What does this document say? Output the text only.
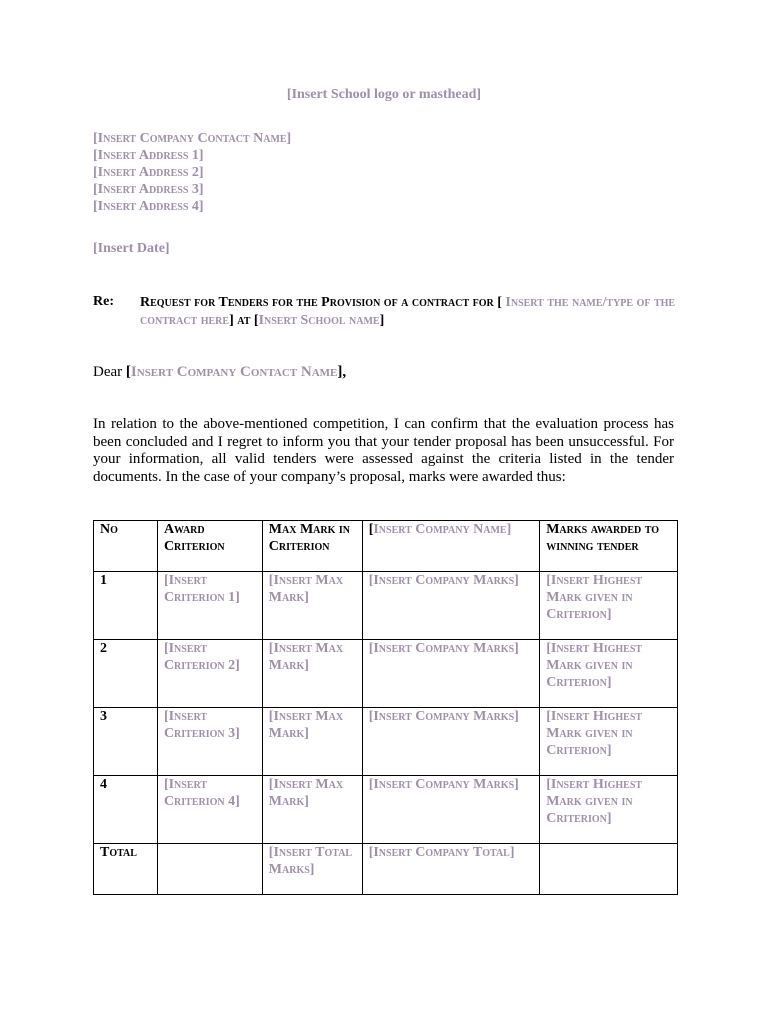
[Insert School logo or masthead]
[Insert Company Contact Name]
[Insert Address 1]
[Insert Address 2]
[Insert Address 3]
[Insert Address 4]
[Insert Date]
Re: Request for Tenders for the Provision of a contract for [ Insert the name/type of the contract here] at [Insert School name]
Dear [Insert Company Contact Name],
In relation to the above-mentioned competition, I can confirm that the evaluation process has been concluded and I regret to inform you that your tender proposal has been unsuccessful. For your information, all valid tenders were assessed against the criteria listed in the tender documents. In the case of your company’s proposal, marks were awarded thus:
No	Award Criterion	Max Mark in Criterion	[Insert Company Name]	Marks awarded to winning tender
1	[Insert Criterion 1]	[Insert Max Mark]	[Insert Company Marks]	[Insert Highest Mark given in Criterion]
2	[Insert Criterion 2]	[Insert Max Mark]	[Insert Company Marks]	[Insert Highest Mark given in Criterion]
3	[Insert Criterion 3]	[Insert Max Mark]	[Insert Company Marks]	[Insert Highest Mark given in Criterion]
4	[Insert Criterion 4]	[Insert Max Mark]	[Insert Company Marks]	[Insert Highest Mark given in Criterion]
Total		[Insert Total Marks]	[Insert Company Total]	
